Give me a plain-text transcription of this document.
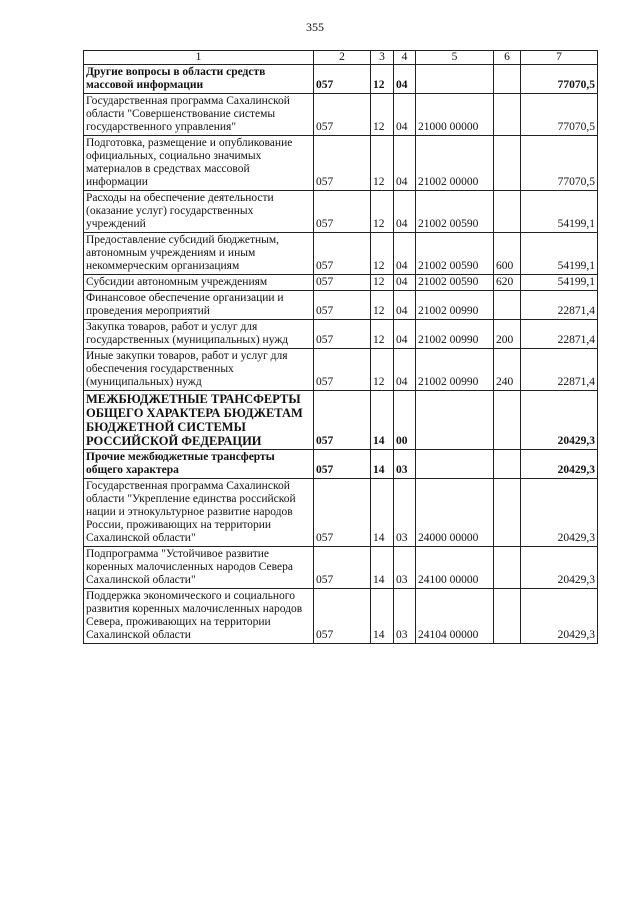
355
1	2	3	4	5	6	7
Другие вопросы в области средств массовой информации	057	12	04			77070,5
Государственная программа Сахалинской области "Совершенствование системы государственного управления"	057	12	04	21000 00000		77070,5
Подготовка, размещение и опубликование официальных, социально значимых материалов в средствах массовой информации	057	12	04	21002 00000		77070,5
Расходы на обеспечение деятельности (оказание услуг) государственных учреждений	057	12	04	21002 00590		54199,1
Предоставление субсидий бюджетным, автономным учреждениям и иным некоммерческим организациям	057	12	04	21002 00590	600	54199,1
Субсидии автономным учреждениям	057	12	04	21002 00590	620	54199,1
Финансовое обеспечение организации и проведения мероприятий	057	12	04	21002 00990		22871,4
Закупка товаров, работ и услуг для государственных (муниципальных) нужд	057	12	04	21002 00990	200	22871,4
Иные закупки товаров, работ и услуг для обеспечения государственных (муниципальных) нужд	057	12	04	21002 00990	240	22871,4
МЕЖБЮДЖЕТНЫЕ ТРАНСФЕРТЫ ОБЩЕГО ХАРАКТЕРА БЮДЖЕТАМ БЮДЖЕТНОЙ СИСТЕМЫ РОССИЙСКОЙ ФЕДЕРАЦИИ	057	14	00			20429,3
Прочие межбюджетные трансферты общего характера	057	14	03			20429,3
Государственная программа Сахалинской области "Укрепление единства российской нации и этнокультурное развитие народов России, проживающих на территории Сахалинской области"	057	14	03	24000 00000		20429,3
Подпрограмма "Устойчивое развитие коренных малочисленных народов Севера Сахалинской области"	057	14	03	24100 00000		20429,3
Поддержка экономического и социального развития коренных малочисленных народов Севера, проживающих на территории Сахалинской области	057	14	03	24104 00000		20429,3
